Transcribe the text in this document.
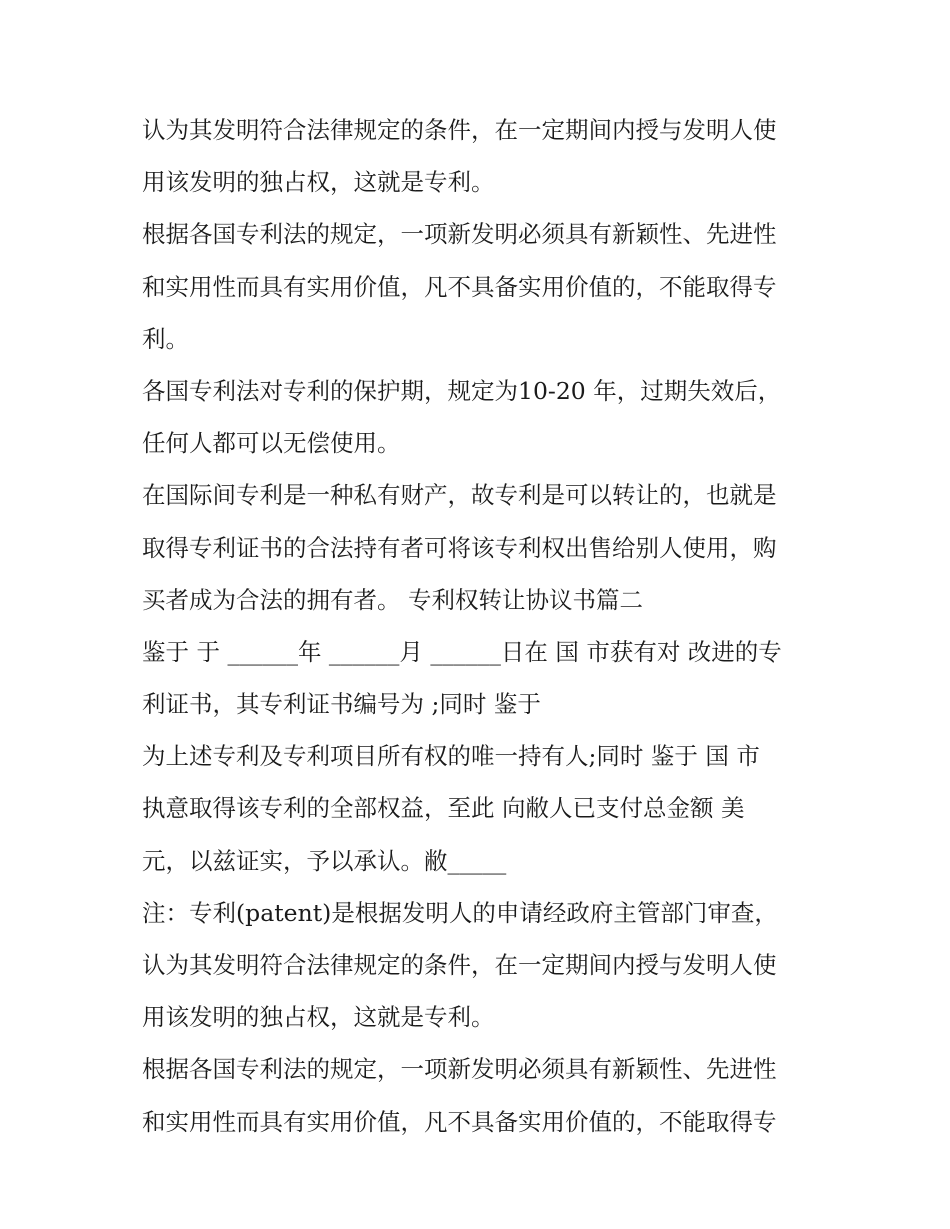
认为其发明符合法律规定的条件，在一定期间内授与发明人使
用该发明的独占权，这就是专利。
根据各国专利法的规定，一项新发明必须具有新颖性、先进性
和实用性而具有实用价值，凡不具备实用价值的，不能取得专
利。
各国专利法对专利的保护期，规定为10-20 年，过期失效后，
任何人都可以无偿使用。
在国际间专利是一种私有财产，故专利是可以转让的，也就是
取得专利证书的合法持有者可将该专利权出售给别人使用，购
买者成为合法的拥有者。 专利权转让协议书篇二
鉴于 于 ______年 ______月 ______日在 国 市获有对 改进的专
利证书，其专利证书编号为 ;同时 鉴于
为上述专利及专利项目所有权的唯一持有人;同时 鉴于 国 市
执意取得该专利的全部权益，至此 向敝人已支付总金额 美
元，以兹证实，予以承认。敝_____
注：专利(patent)是根据发明人的申请经政府主管部门审查，
认为其发明符合法律规定的条件，在一定期间内授与发明人使
用该发明的独占权，这就是专利。
根据各国专利法的规定，一项新发明必须具有新颖性、先进性
和实用性而具有实用价值，凡不具备实用价值的，不能取得专
